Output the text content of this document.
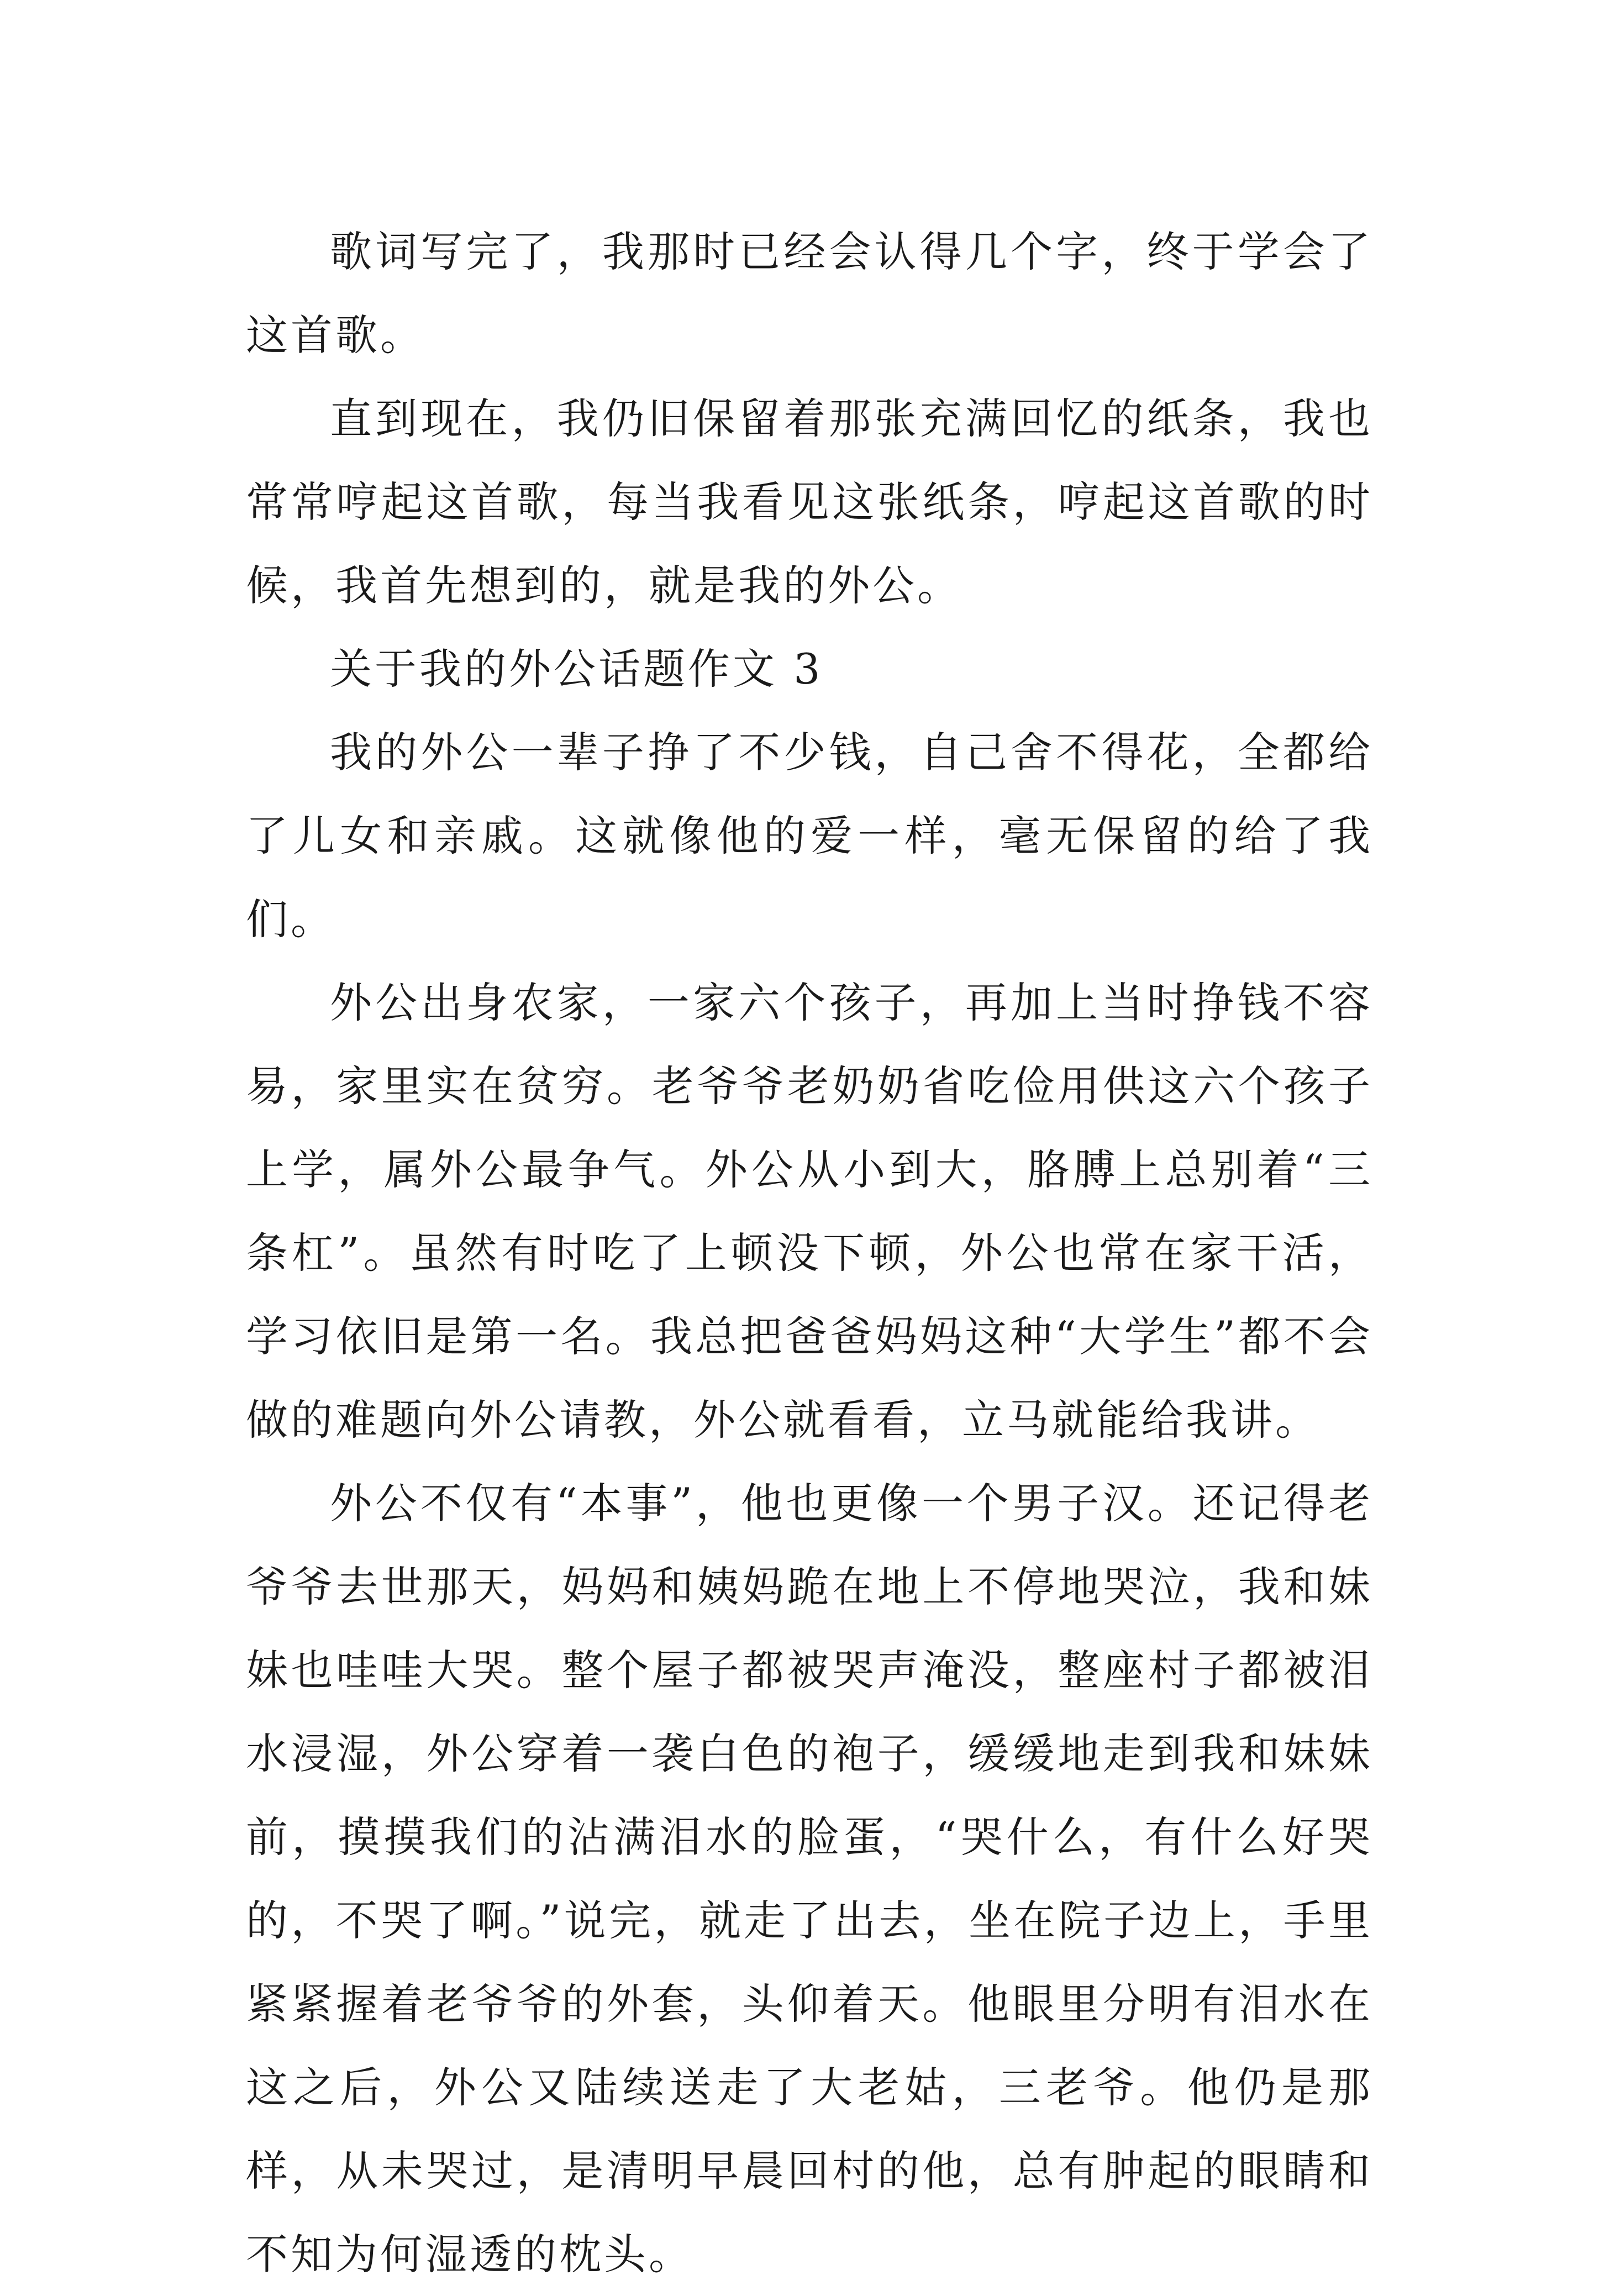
歌词写完了，我那时已经会认得几个字，终于学会了这首歌。

直到现在，我仍旧保留着那张充满回忆的纸条，我也常常哼起这首歌，每当我看见这张纸条，哼起这首歌的时候，我首先想到的，就是我的外公。

关于我的外公话题作文 3

我的外公一辈子挣了不少钱，自己舍不得花，全都给了儿女和亲戚。这就像他的爱一样，毫无保留的给了我们。

外公出身农家，一家六个孩子，再加上当时挣钱不容易，家里实在贫穷。老爷爷老奶奶省吃俭用供这六个孩子上学，属外公最争气。外公从小到大，胳膊上总别着“三条杠”。虽然有时吃了上顿没下顿，外公也常在家干活，学习依旧是第一名。我总把爸爸妈妈这种“大学生”都不会做的难题向外公请教，外公就看看，立马就能给我讲。

外公不仅有“本事”，他也更像一个男子汉。还记得老爷爷去世那天，妈妈和姨妈跪在地上不停地哭泣，我和妹妹也哇哇大哭。整个屋子都被哭声淹没，整座村子都被泪水浸湿，外公穿着一袭白色的袍子，缓缓地走到我和妹妹前，摸摸我们的沾满泪水的脸蛋，“哭什么，有什么好哭的，不哭了啊。”说完，就走了出去，坐在院子边上，手里紧紧握着老爷爷的外套，头仰着天。他眼里分明有泪水在这之后，外公又陆续送走了大老姑，三老爷。他仍是那样，从未哭过，是清明早晨回村的他，总有肿起的眼睛和不知为何湿透的枕头。
